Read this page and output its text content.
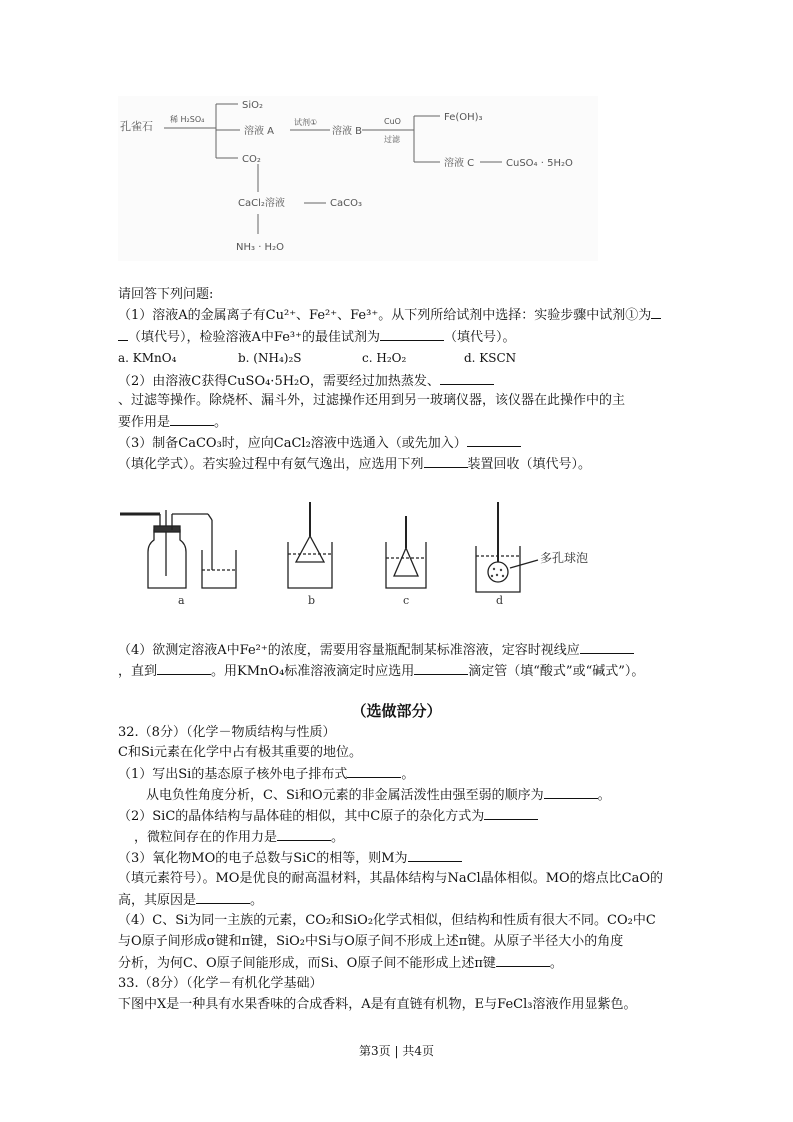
孔雀石
稀 H₂SO₄
SiO₂
溶液 A
CO₂
试剂①
溶液 B
CuO
过滤
Fe(OH)₃
溶液 C	CuSO₄ · 5H₂O
CaCl₂溶液	CaCO₃
NH₃ · H₂O
请回答下列问题:
（1）溶液A的金属离子有Cu²⁺、Fe²⁺、Fe³⁺。从下列所给试剂中选择：实验步骤中试剂①为
（填代号），检验溶液A中Fe³⁺的最佳试剂为	（填代号）。
a. KMnO₄	b. (NH₄)₂S	c. H₂O₂	d. KSCN
（2）由溶液C获得CuSO₄·5H₂O，需要经过加热蒸发、
、过滤等操作。除烧杯、漏斗外，过滤操作还用到另一玻璃仪器，该仪器在此操作中的主
要作用是	。
（3）制备CaCO₃时，应向CaCl₂溶液中选通入（或先加入）
（填化学式）。若实验过程中有氨气逸出，应选用下列	装置回收（填代号）。
a	b	c	d
多孔球泡
（4）欲测定溶液A中Fe²⁺的浓度，需要用容量瓶配制某标准溶液，定容时视线应
，直到	。用KMnO₄标准溶液滴定时应选用	滴定管（填“酸式”或“碱式”）。
（选做部分）
32.（8分）（化学－物质结构与性质）
C和Si元素在化学中占有极其重要的地位。
（1）写出Si的基态原子核外电子排布式	。
从电负性角度分析，C、Si和O元素的非金属活泼性由强至弱的顺序为	。
（2）SiC的晶体结构与晶体硅的相似，其中C原子的杂化方式为
，微粒间存在的作用力是	。
（3）氧化物MO的电子总数与SiC的相等，则M为
（填元素符号）。MO是优良的耐高温材料，其晶体结构与NaCl晶体相似。MO的熔点比CaO的
高，其原因是	。
（4）C、Si为同一主族的元素，CO₂和SiO₂化学式相似，但结构和性质有很大不同。CO₂中C
与O原子间形成σ键和π键，SiO₂中Si与O原子间不形成上述π键。从原子半径大小的角度
分析，为何C、O原子间能形成，而Si、O原子间不能形成上述π键	。
33.（8分）（化学－有机化学基础）
下图中X是一种具有水果香味的合成香料，A是有直链有机物，E与FeCl₃溶液作用显紫色。
第3页 | 共4页
